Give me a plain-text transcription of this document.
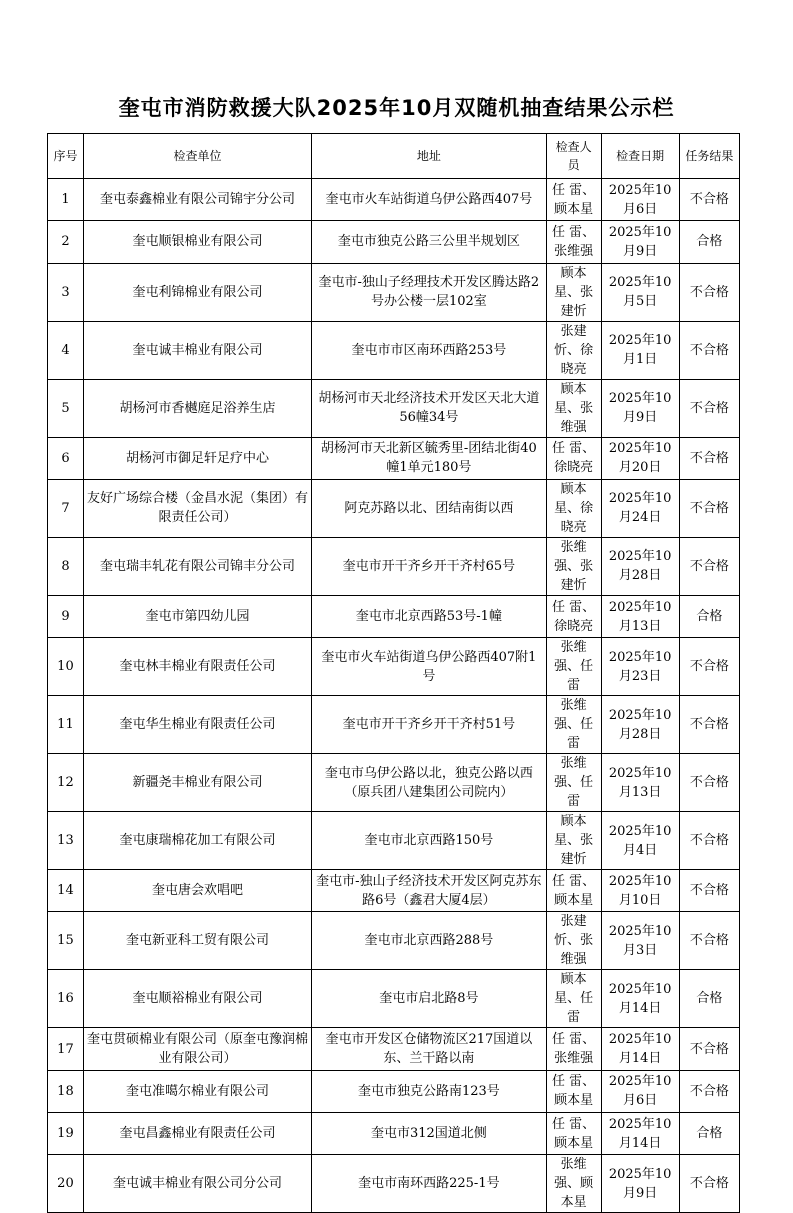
奎屯市消防救援大队2025年10月双随机抽查结果公示栏
序号	检查单位	地址	检查人员	检查日期	任务结果
1	奎屯泰鑫棉业有限公司锦宇分公司	奎屯市火车站街道乌伊公路西407号	任 雷、顾本星	2025年10月6日	不合格
2	奎屯顺银棉业有限公司	奎屯市独克公路三公里半规划区	任 雷、张维强	2025年10月9日	合格
3	奎屯利锦棉业有限公司	奎屯市-独山子经理技术开发区腾达路2号办公楼一层102室	顾本星、张建忻	2025年10月5日	不合格
4	奎屯诚丰棉业有限公司	奎屯市市区南环西路253号	张建忻、徐晓亮	2025年10月1日	不合格
5	胡杨河市香樾庭足浴养生店	胡杨河市天北经济技术开发区天北大道56幢34号	顾本星、张维强	2025年10月9日	不合格
6	胡杨河市御足轩足疗中心	胡杨河市天北新区毓秀里-团结北街40幢1单元180号	任 雷、徐晓亮	2025年10月20日	不合格
7	友好广场综合楼（金昌水泥（集团）有限责任公司）	阿克苏路以北、团结南街以西	顾本星、徐晓亮	2025年10月24日	不合格
8	奎屯瑞丰轧花有限公司锦丰分公司	奎屯市开干齐乡开干齐村65号	张维强、张建忻	2025年10月28日	不合格
9	奎屯市第四幼儿园	奎屯市北京西路53号-1幢	任 雷、徐晓亮	2025年10月13日	合格
10	奎屯林丰棉业有限责任公司	奎屯市火车站街道乌伊公路西407附1号	张维强、任 雷	2025年10月23日	不合格
11	奎屯华生棉业有限责任公司	奎屯市开干齐乡开干齐村51号	张维强、任 雷	2025年10月28日	不合格
12	新疆尧丰棉业有限公司	奎屯市乌伊公路以北，独克公路以西（原兵团八建集团公司院内）	张维强、任 雷	2025年10月13日	不合格
13	奎屯康瑞棉花加工有限公司	奎屯市北京西路150号	顾本星、张建忻	2025年10月4日	不合格
14	奎屯唐会欢唱吧	奎屯市-独山子经济技术开发区阿克苏东路6号（鑫君大厦4层）	任 雷、顾本星	2025年10月10日	不合格
15	奎屯新亚科工贸有限公司	奎屯市北京西路288号	张建忻、张维强	2025年10月3日	不合格
16	奎屯顺裕棉业有限公司	奎屯市启北路8号	顾本星、任 雷	2025年10月14日	合格
17	奎屯贯硕棉业有限公司（原奎屯豫润棉业有限公司）	奎屯市开发区仓储物流区217国道以东、兰干路以南	任 雷、张维强	2025年10月14日	不合格
18	奎屯准噶尔棉业有限公司	奎屯市独克公路南123号	任 雷、顾本星	2025年10月6日	不合格
19	奎屯昌鑫棉业有限责任公司	奎屯市312国道北侧	任 雷、顾本星	2025年10月14日	合格
20	奎屯诚丰棉业有限公司分公司	奎屯市南环西路225-1号	张维强、顾本星	2025年10月9日	不合格
